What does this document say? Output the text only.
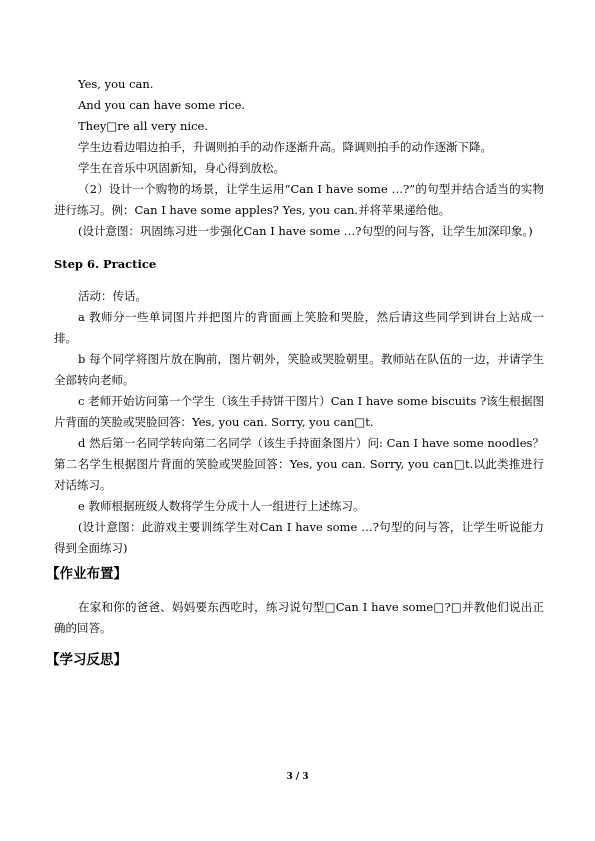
Yes, you can.

And you can have some rice.

They□re all very nice.

学生边看边唱边拍手，升调则拍手的动作逐渐升高。降调则拍手的动作逐渐下降。

学生在音乐中巩固新知，身心得到放松。

（2）设计一个购物的场景，让学生运用“Can I have some …?”的句型并结合适当的实物进行练习。例：Can I have some apples? Yes, you can.并将苹果递给他。

(设计意图：巩固练习进一步强化Can I have some …?句型的问与答，让学生加深印象。)

Step 6. Practice

活动：传话。

a 教师分一些单词图片并把图片的背面画上笑脸和哭脸，然后请这些同学到讲台上站成一排。

b 每个同学将图片放在胸前，图片朝外，笑脸或哭脸朝里。教师站在队伍的一边，并请学生全部转向老师。

c 老师开始访问第一个学生（该生手持饼干图片）Can I have some biscuits ?该生根据图片背面的笑脸或哭脸回答：Yes, you can. Sorry, you can□t.

d 然后第一名同学转向第二名同学（该生手持面条图片）问: Can I have some noodles？第二名学生根据图片背面的笑脸或哭脸回答：Yes, you can. Sorry, you can□t.以此类推进行对话练习。

e 教师根据班级人数将学生分成十人一组进行上述练习。

(设计意图：此游戏主要训练学生对Can I have some …?句型的问与答，让学生听说能力得到全面练习)

【作业布置】

在家和你的爸爸、妈妈要东西吃时，练习说句型□Can I have some□?□并教他们说出正确的回答。

【学习反思】
3 / 3
